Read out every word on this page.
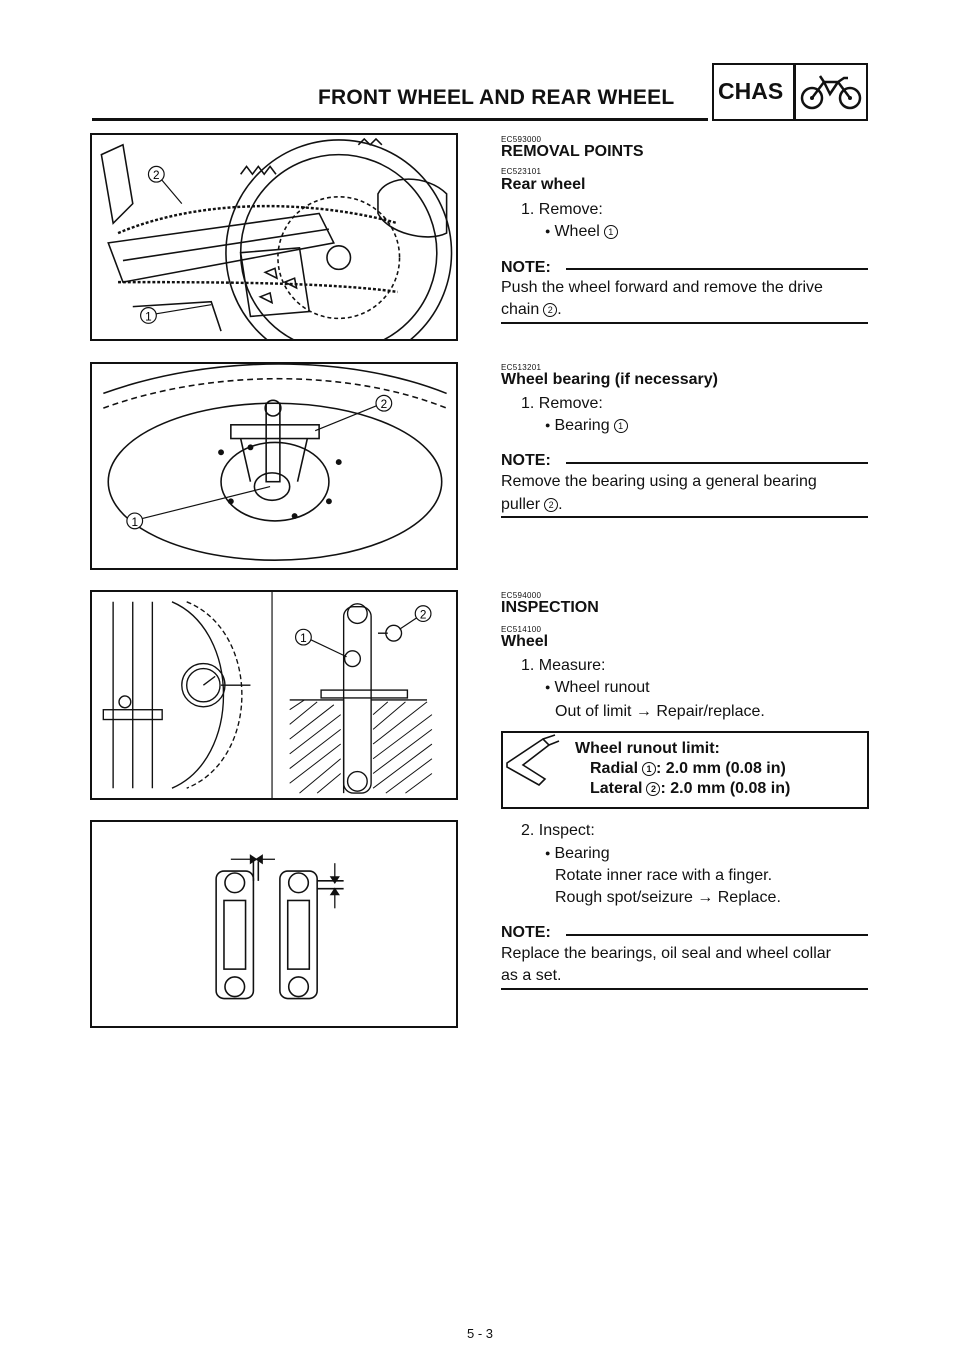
FRONT WHEEL AND REAR WHEEL CHAS
1
2
1
2
1
2
EC593000
REMOVAL POINTS
EC523101
Rear wheel
1. Remove:
● Wheel 1
NOTE:
Push the wheel forward and remove the drive
chain 2 .
EC513201
Wheel bearing (if necessary)
1. Remove:
● Bearing 1
NOTE:
Remove the bearing using a general bearing
puller 2 .
EC594000
INSPECTION
EC514100
Wheel
1. Measure:
● Wheel runout
Out of limit → Repair/replace.
Wheel runout limit:
Radial 1 : 2.0 mm (0.08 in)
Lateral 2 : 2.0 mm (0.08 in)
2. Inspect:
● Bearing
Rotate inner race with a finger.
Rough spot/seizure → Replace.
NOTE:
Replace the bearings, oil seal and wheel collar
as a set.
5 - 3
